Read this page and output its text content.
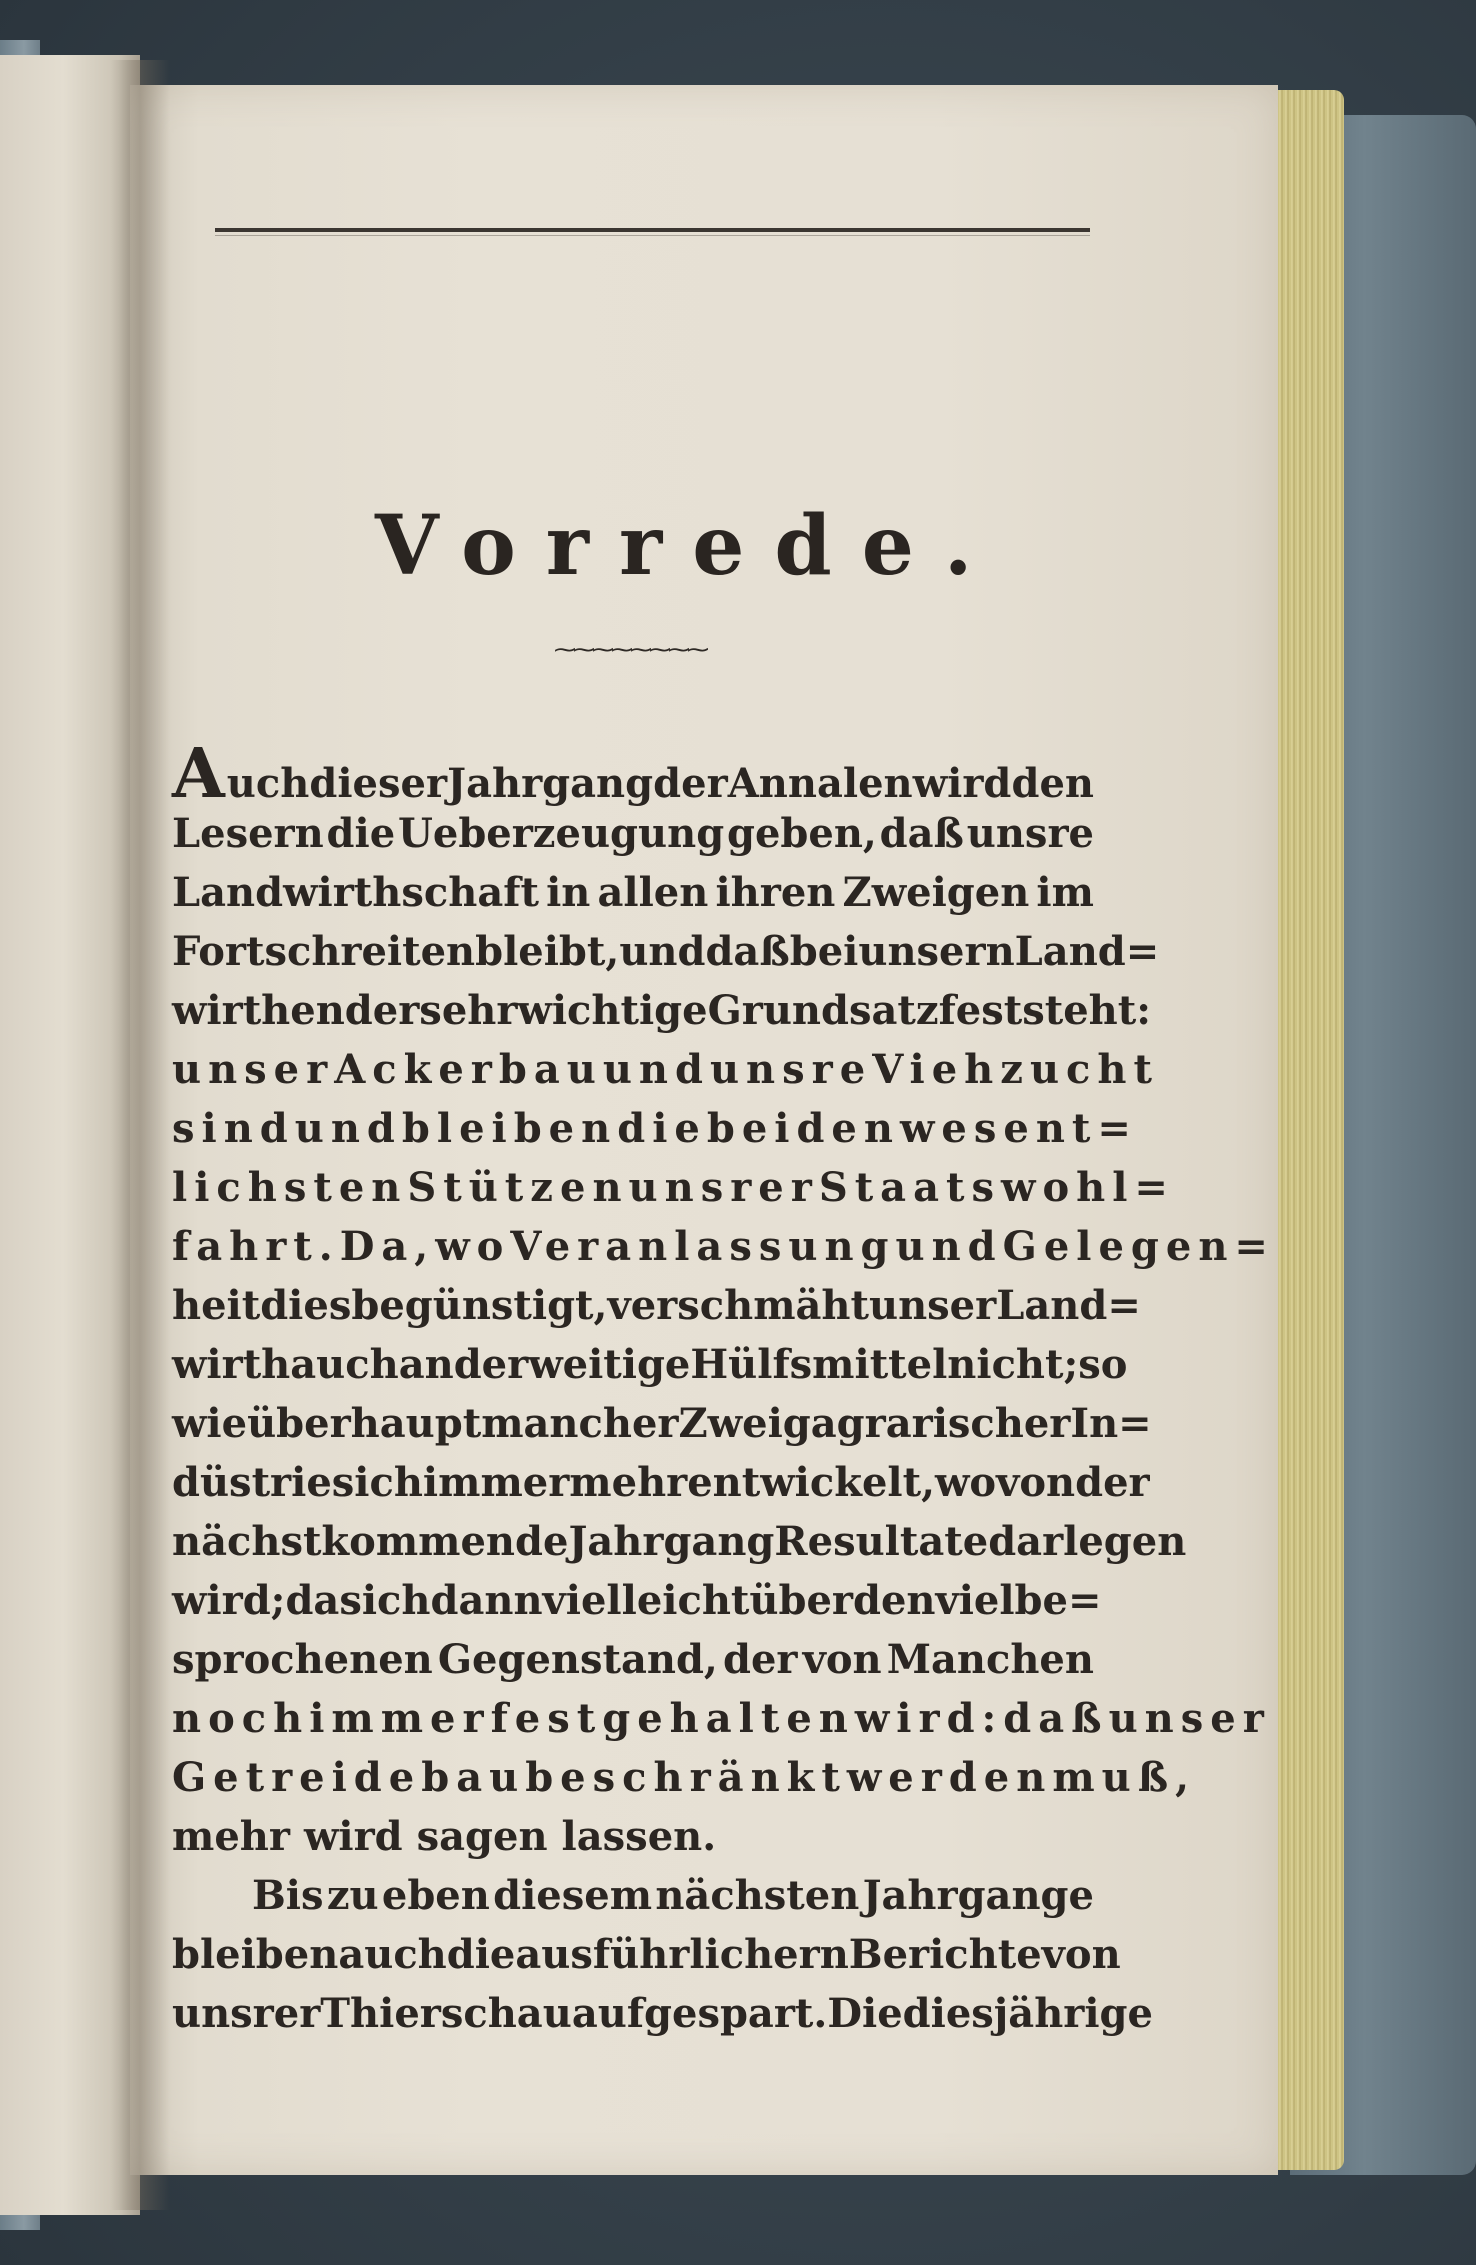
Vorrede.
⁓⁓⁓⁓⁓⁓⁓⁓
Auch dieser Jahrgang der Annalen wird den
Lesern die Ueberzeugung geben, daß unsre
Landwirthschaft in allen ihren Zweigen im
Fortschreiten bleibt, und daß bei unsern Land=
wirthen der sehr wichtige Grundsatz fest steht:
unser Ackerbau und unsre Viehzucht
sind und bleiben die beiden wesent=
lichsten Stützen unsrer Staatswohl=
fahrt. Da, wo Veranlassung und Gelegen=
heit dies begünstigt, verschmäht unser Land=
wirth auch anderweitige Hülfsmittel nicht; so
wie überhaupt mancher Zweig agrarischer In=
düstrie sich immer mehr entwickelt, wovon der
nächstkommende Jahrgang Resultate darlegen
wird; da sich dann vielleicht über den vielbe=
sprochenen Gegenstand, der von Manchen
noch immer festgehalten wird: daß unser
Getreidebau beschränkt werden muß,
mehr wird sagen lassen.
Bis zu eben diesem nächsten Jahrgange
bleiben auch die ausführlichern Berichte von
unsrer Thierschau aufgespart. Die diesjährige
